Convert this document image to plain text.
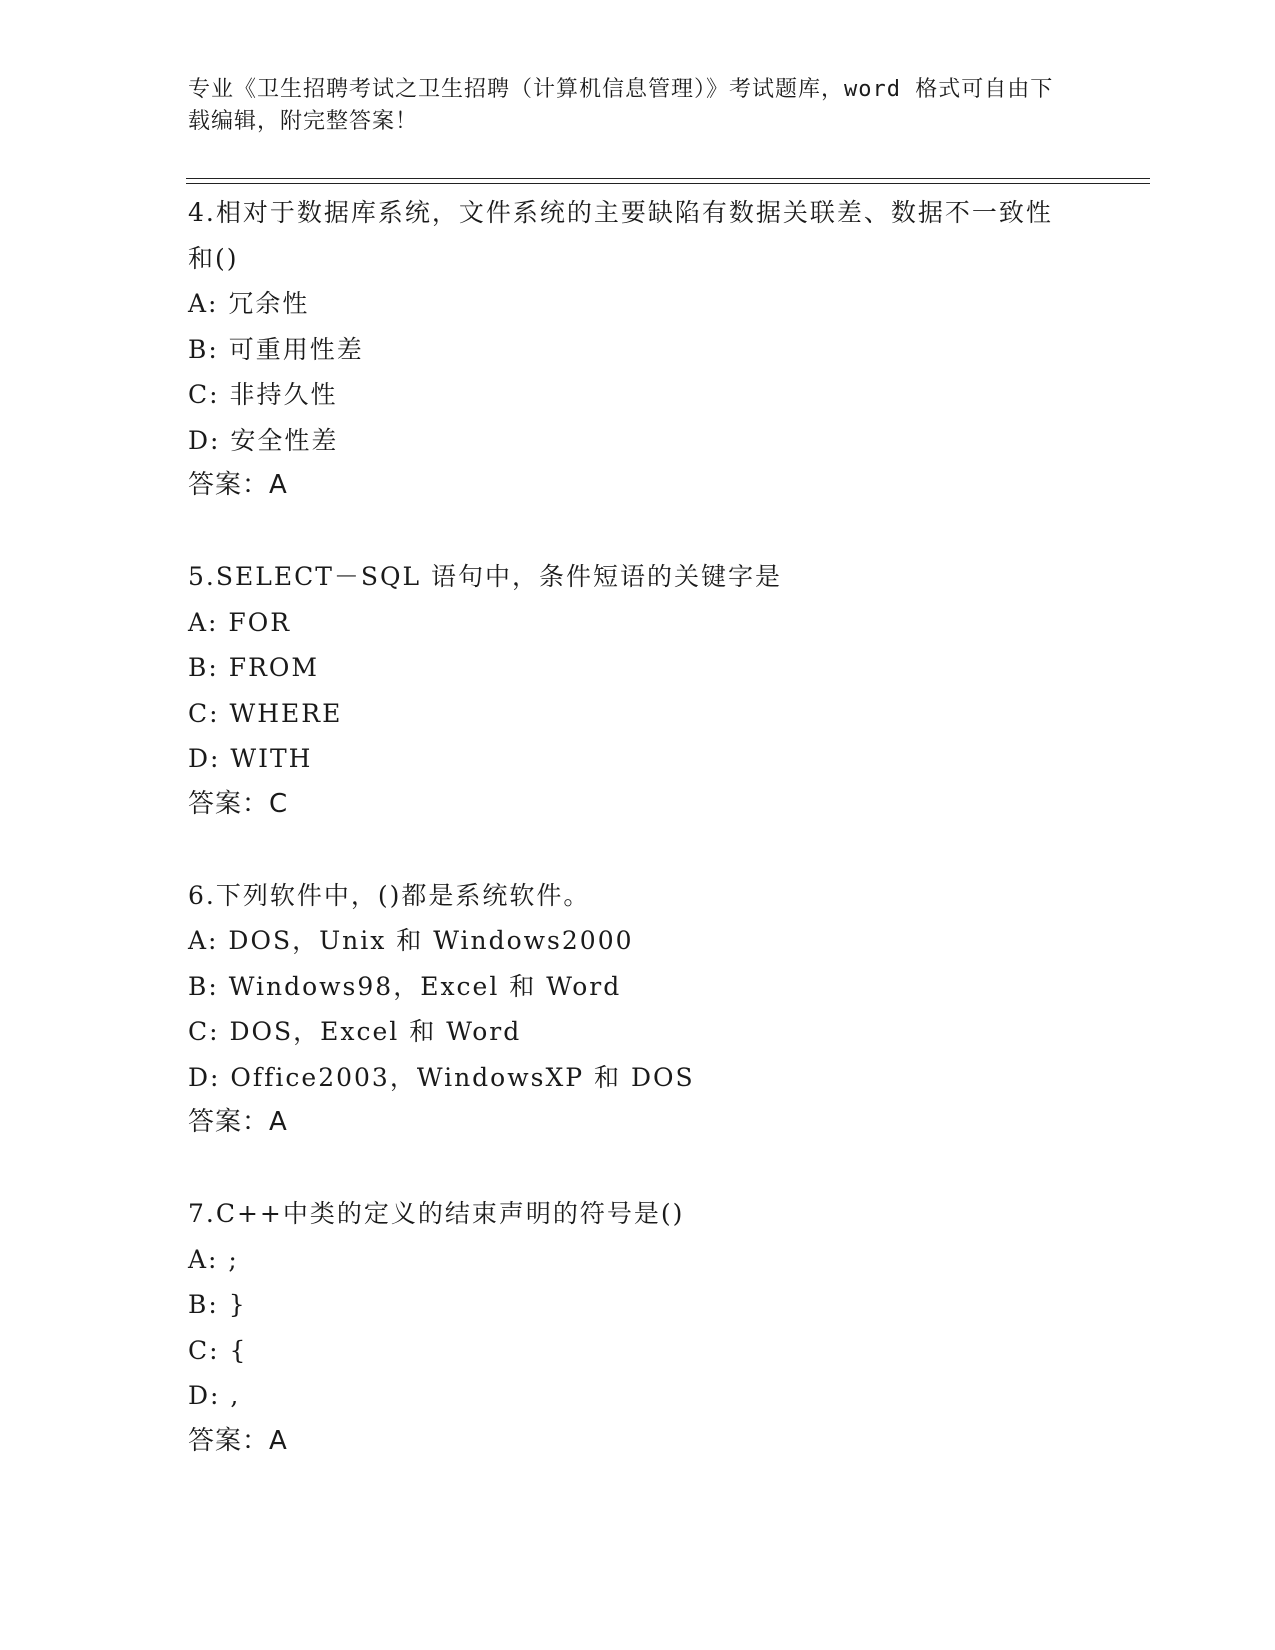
专业《卫生招聘考试之卫生招聘（计算机信息管理）》考试题库，word 格式可自由下载编辑，附完整答案！
4.相对于数据库系统，文件系统的主要缺陷有数据关联差、数据不一致性和()
A: 冗余性
B: 可重用性差
C: 非持久性
D: 安全性差
答案：A
5.SELECT－SQL 语句中，条件短语的关键字是
A: FOR
B: FROM
C: WHERE
D: WITH
答案：C
6.下列软件中，()都是系统软件。
A: DOS，Unix 和 Windows2000
B: Windows98，Excel 和 Word
C: DOS，Excel 和 Word
D: Office2003，WindowsXP 和 DOS
答案：A
7.C++中类的定义的结束声明的符号是()
A: ;
B: }
C: {
D: ,
答案：A
